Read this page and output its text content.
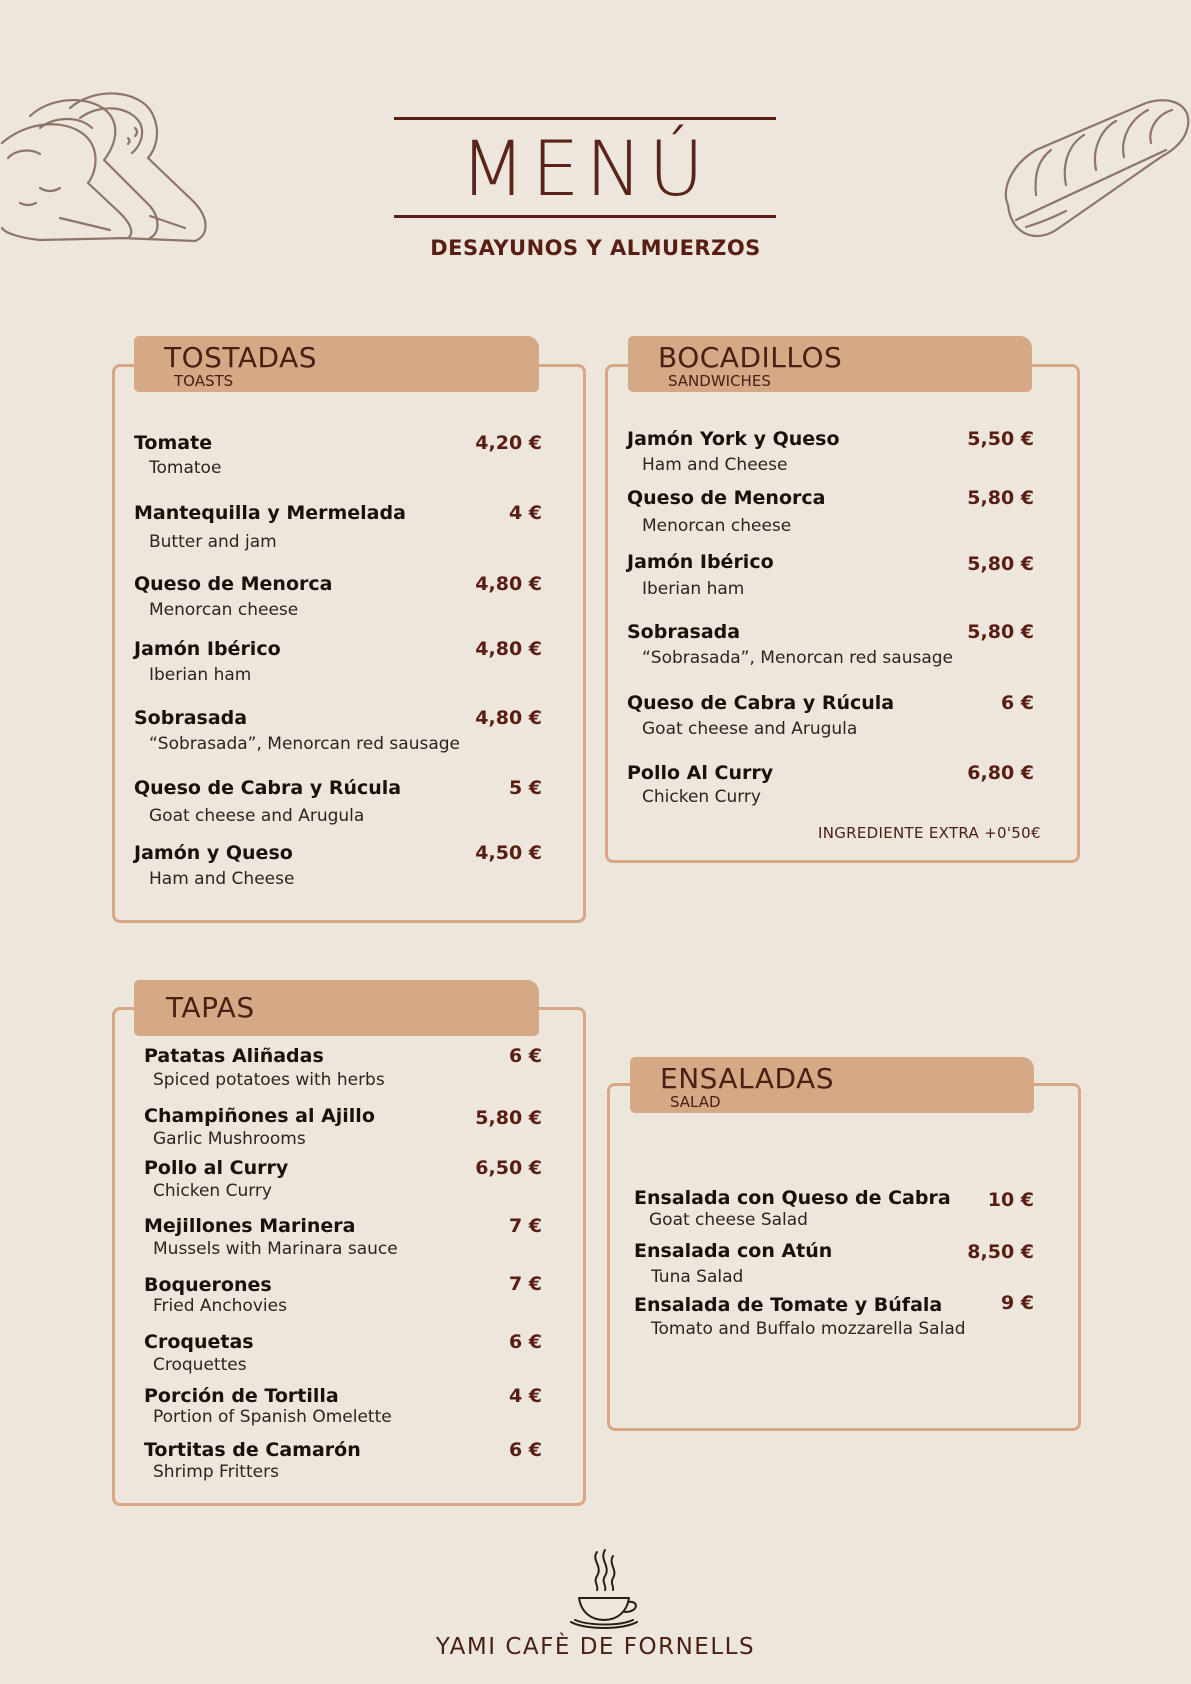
MENÚ
DESAYUNOS Y ALMUERZOS
TOSTADAS
TOASTS
Tomate
Tomatoe
4,20 €
Mantequilla y Mermelada
Butter and jam
4 €
Queso de Menorca
Menorcan cheese
4,80 €
Jamón Ibérico
Iberian ham
4,80 €
Sobrasada
“Sobrasada”, Menorcan red sausage
4,80 €
Queso de Cabra y Rúcula
Goat cheese and Arugula
5 €
Jamón y Queso
Ham and Cheese
4,50 €
BOCADILLOS
SANDWICHES
Jamón York y Queso
Ham and Cheese
5,50 €
Queso de Menorca
Menorcan cheese
5,80 €
Jamón Ibérico
Iberian ham
5,80 €
Sobrasada
“Sobrasada”, Menorcan red sausage
5,80 €
Queso de Cabra y Rúcula
Goat cheese and Arugula
6 €
Pollo Al Curry
Chicken Curry
6,80 €
INGREDIENTE EXTRA +0'50€
TAPAS
Patatas Aliñadas
Spiced potatoes with herbs
6 €
Champiñones al Ajillo
Garlic Mushrooms
5,80 €
Pollo al Curry
Chicken Curry
6,50 €
Mejillones Marinera
Mussels with Marinara sauce
7 €
Boquerones
Fried Anchovies
7 €
Croquetas
Croquettes
6 €
Porción de Tortilla
Portion of Spanish Omelette
4 €
Tortitas de Camarón
Shrimp Fritters
6 €
ENSALADAS
SALAD
Ensalada con Queso de Cabra
Goat cheese Salad
10 €
Ensalada con Atún
Tuna Salad
8,50 €
Ensalada de Tomate y Búfala
Tomato and Buffalo mozzarella Salad
9 €
YAMI CAFÈ DE FORNELLS
